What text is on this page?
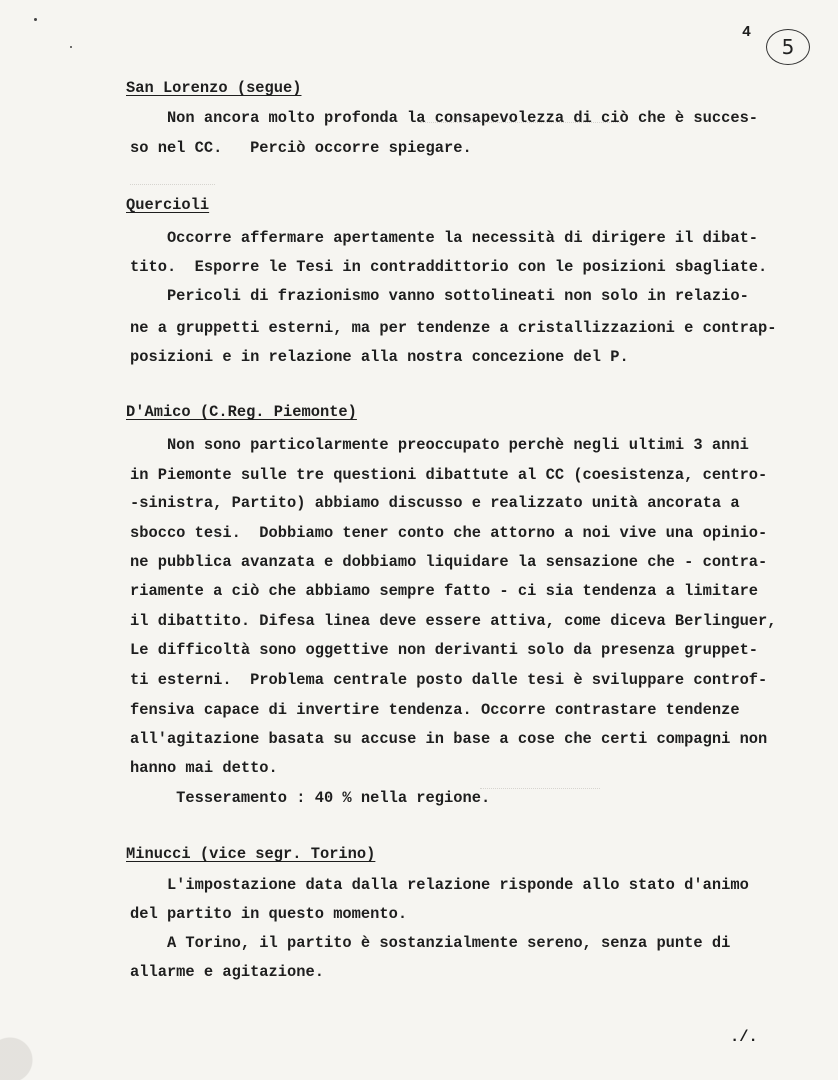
4
5
San Lorenzo (segue)
Non ancora molto profonda la consapevolezza di ciò che è succes-
so nel CC.   Perciò occorre spiegare.
Quercioli
Occorre affermare apertamente la necessità di dirigere il dibat-
tito.  Esporre le Tesi in contraddittorio con le posizioni sbagliate.
Pericoli di frazionismo vanno sottolineati non solo in relazio-
ne a gruppetti esterni, ma per tendenze a cristallizzazioni e contrap-
posizioni e in relazione alla nostra concezione del P.
D'Amico (C.Reg. Piemonte)
Non sono particolarmente preoccupato perchè negli ultimi 3 anni
in Piemonte sulle tre questioni dibattute al CC (coesistenza, centro-
-sinistra, Partito) abbiamo discusso e realizzato unità ancorata a
sbocco tesi.  Dobbiamo tener conto che attorno a noi vive una opinio-
ne pubblica avanzata e dobbiamo liquidare la sensazione che - contra-
riamente a ciò che abbiamo sempre fatto - ci sia tendenza a limitare
il dibattito. Difesa linea deve essere attiva, come diceva Berlinguer,
Le difficoltà sono oggettive non derivanti solo da presenza gruppet-
ti esterni.  Problema centrale posto dalle tesi è sviluppare controf-
fensiva capace di invertire tendenza. Occorre contrastare tendenze
all'agitazione basata su accuse in base a cose che certi compagni non
hanno mai detto.
Tesseramento : 40 % nella regione.
Minucci (vice segr. Torino)
L'impostazione data dalla relazione risponde allo stato d'animo
del partito in questo momento.
A Torino, il partito è sostanzialmente sereno, senza punte di
allarme e agitazione.
./.
